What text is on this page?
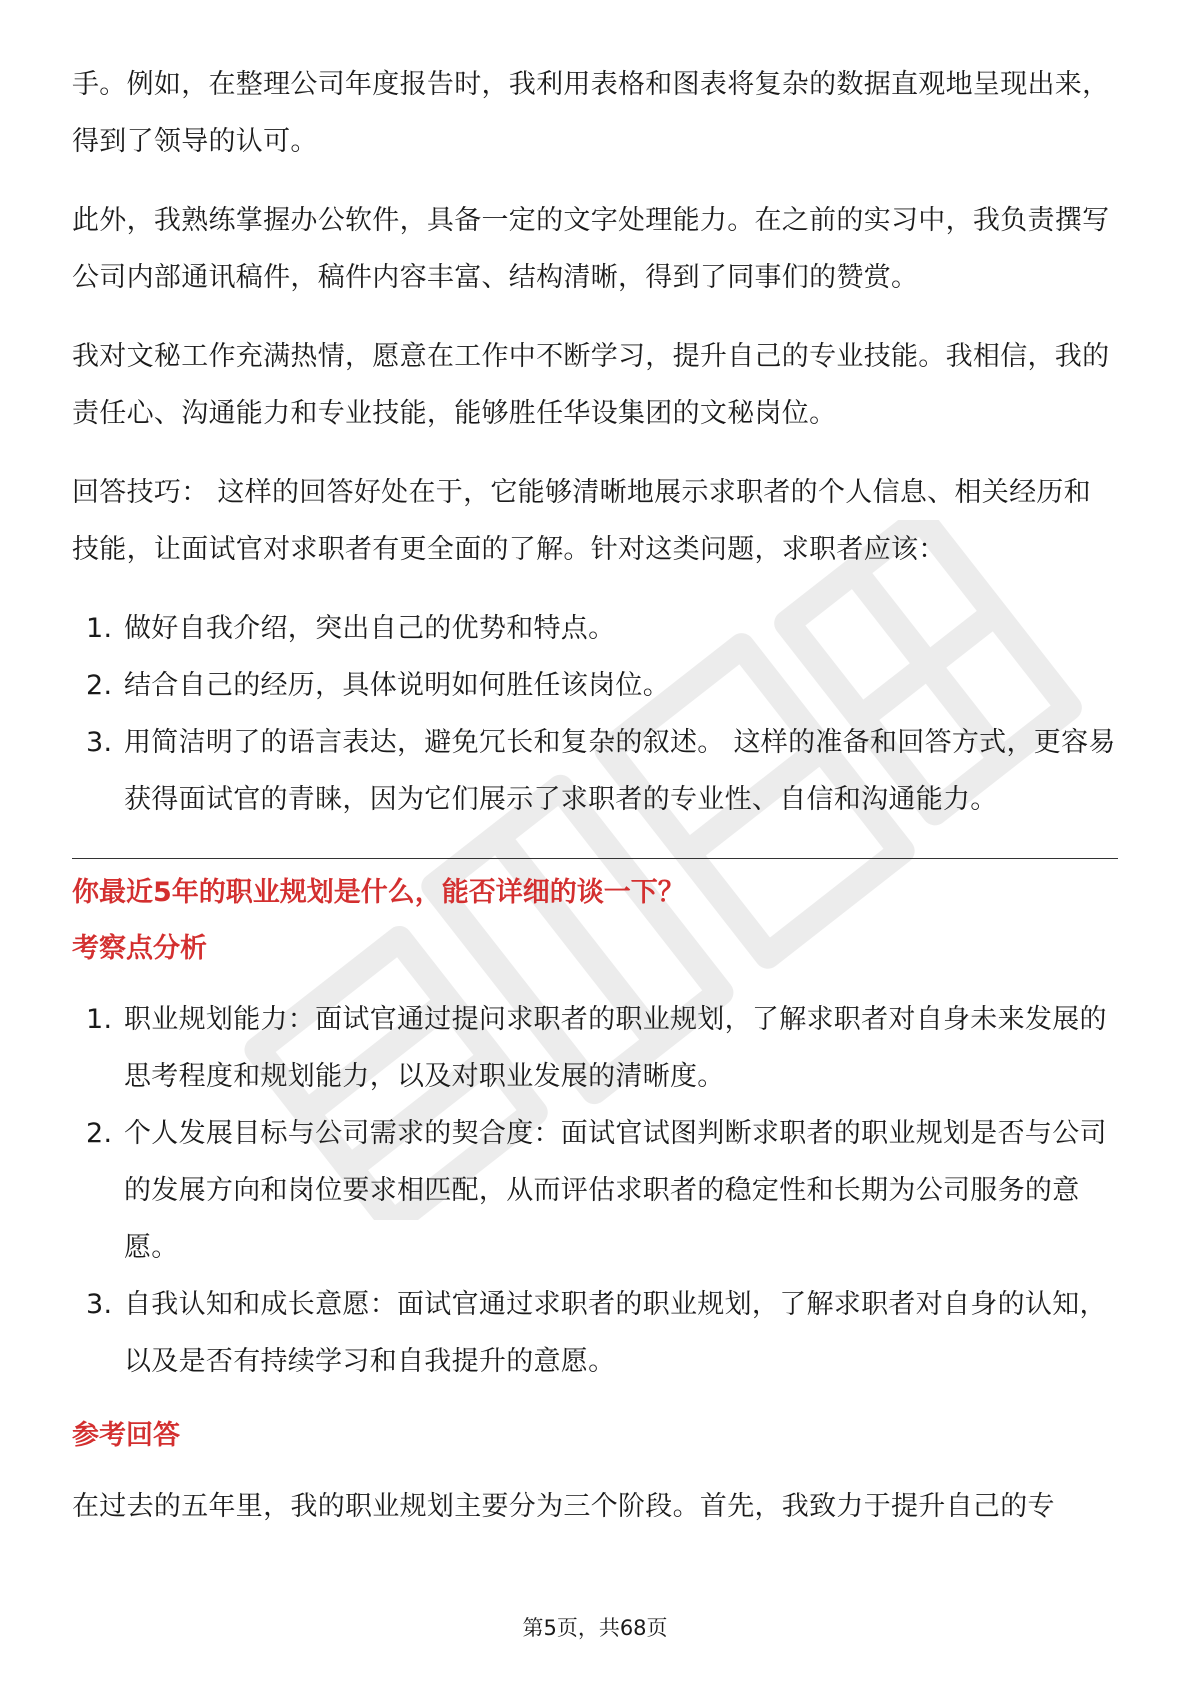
手。例如，在整理公司年度报告时，我利用表格和图表将复杂的数据直观地呈现出来，得到了领导的认可。

此外，我熟练掌握办公软件，具备一定的文字处理能力。在之前的实习中，我负责撰写公司内部通讯稿件，稿件内容丰富、结构清晰，得到了同事们的赞赏。

我对文秘工作充满热情，愿意在工作中不断学习，提升自己的专业技能。我相信，我的责任心、沟通能力和专业技能，能够胜任华设集团的文秘岗位。

回答技巧： 这样的回答好处在于，它能够清晰地展示求职者的个人信息、相关经历和技能，让面试官对求职者有更全面的了解。针对这类问题，求职者应该：

1. 做好自我介绍，突出自己的优势和特点。
2. 结合自己的经历，具体说明如何胜任该岗位。
3. 用简洁明了的语言表达，避免冗长和复杂的叙述。 这样的准备和回答方式，更容易获得面试官的青睐，因为它们展示了求职者的专业性、自信和沟通能力。
你最近5年的职业规划是什么，能否详细的谈一下？
考察点分析
1. 职业规划能力：面试官通过提问求职者的职业规划，了解求职者对自身未来发展的思考程度和规划能力，以及对职业发展的清晰度。
2. 个人发展目标与公司需求的契合度：面试官试图判断求职者的职业规划是否与公司的发展方向和岗位要求相匹配，从而评估求职者的稳定性和长期为公司服务的意愿。
3. 自我认知和成长意愿：面试官通过求职者的职业规划，了解求职者对自身的认知，以及是否有持续学习和自我提升的意愿。
参考回答

在过去的五年里，我的职业规划主要分为三个阶段。首先，我致力于提升自己的专

第5页，共68页
